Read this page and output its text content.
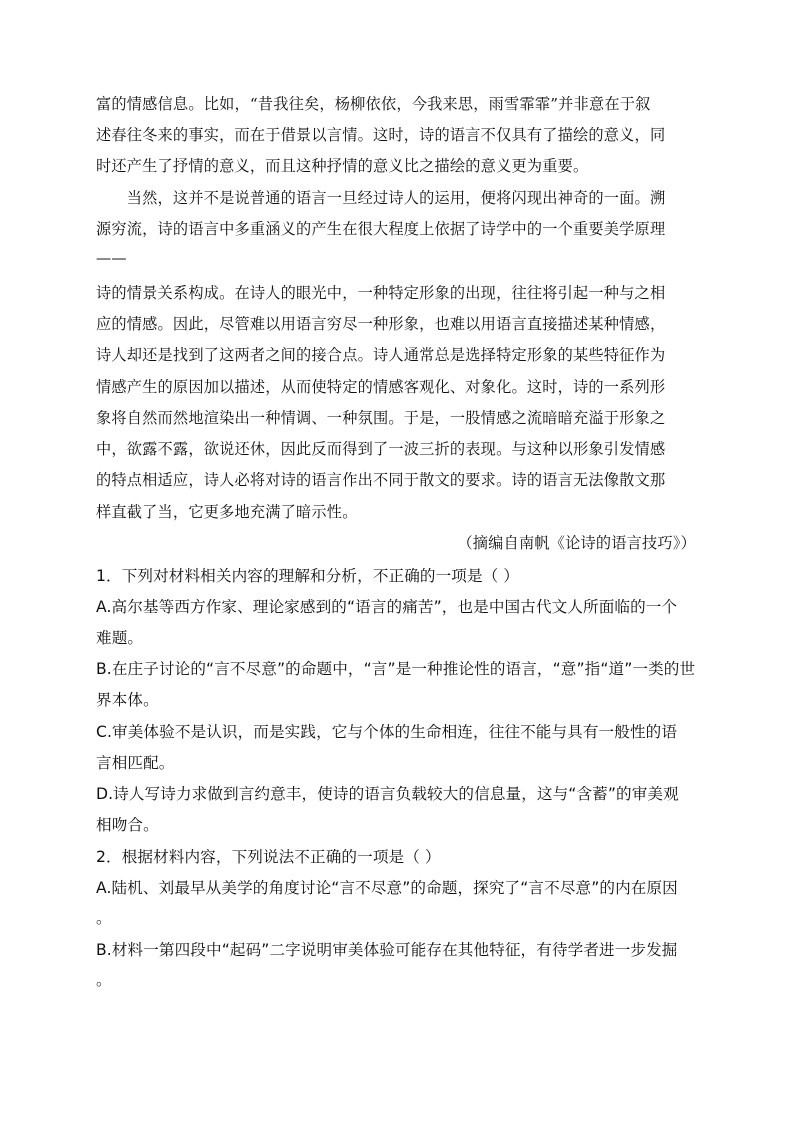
富的情感信息。比如，“昔我往矣，杨柳依依，今我来思，雨雪霏霏”并非意在于叙
述春往冬来的事实，而在于借景以言情。这时，诗的语言不仅具有了描绘的意义，同
时还产生了抒情的意义，而且这种抒情的意义比之描绘的意义更为重要。
　　当然，这并不是说普通的语言一旦经过诗人的运用，便将闪现出神奇的一面。溯
源穷流，诗的语言中多重涵义的产生在很大程度上依据了诗学中的一个重要美学原理
——
诗的情景关系构成。在诗人的眼光中，一种特定形象的出现，往往将引起一种与之相
应的情感。因此，尽管难以用语言穷尽一种形象，也难以用语言直接描述某种情感，
诗人却还是找到了这两者之间的接合点。诗人通常总是选择特定形象的某些特征作为
情感产生的原因加以描述，从而使特定的情感客观化、对象化。这时，诗的一系列形
象将自然而然地渲染出一种情调、一种氛围。于是，一股情感之流暗暗充溢于形象之
中，欲露不露，欲说还休，因此反而得到了一波三折的表现。与这种以形象引发情感
的特点相适应，诗人必将对诗的语言作出不同于散文的要求。诗的语言无法像散文那
样直截了当，它更多地充满了暗示性。
（摘编自南帆《论诗的语言技巧》）
1．下列对材料相关内容的理解和分析，不正确的一项是（ ）
A.高尔基等西方作家、理论家感到的“语言的痛苦”，也是中国古代文人所面临的一个
难题。
B.在庄子讨论的“言不尽意”的命题中，“言”是一种推论性的语言，“意”指“道”一类的世
界本体。
C.审美体验不是认识，而是实践，它与个体的生命相连，往往不能与具有一般性的语
言相匹配。
D.诗人写诗力求做到言约意丰，使诗的语言负载较大的信息量，这与“含蓄”的审美观
相吻合。
2．根据材料内容，下列说法不正确的一项是（ ）
A.陆机、刘最早从美学的角度讨论“言不尽意”的命题，探究了“言不尽意”的内在原因
。
B.材料一第四段中“起码”二字说明审美体验可能存在其他特征，有待学者进一步发掘
。
